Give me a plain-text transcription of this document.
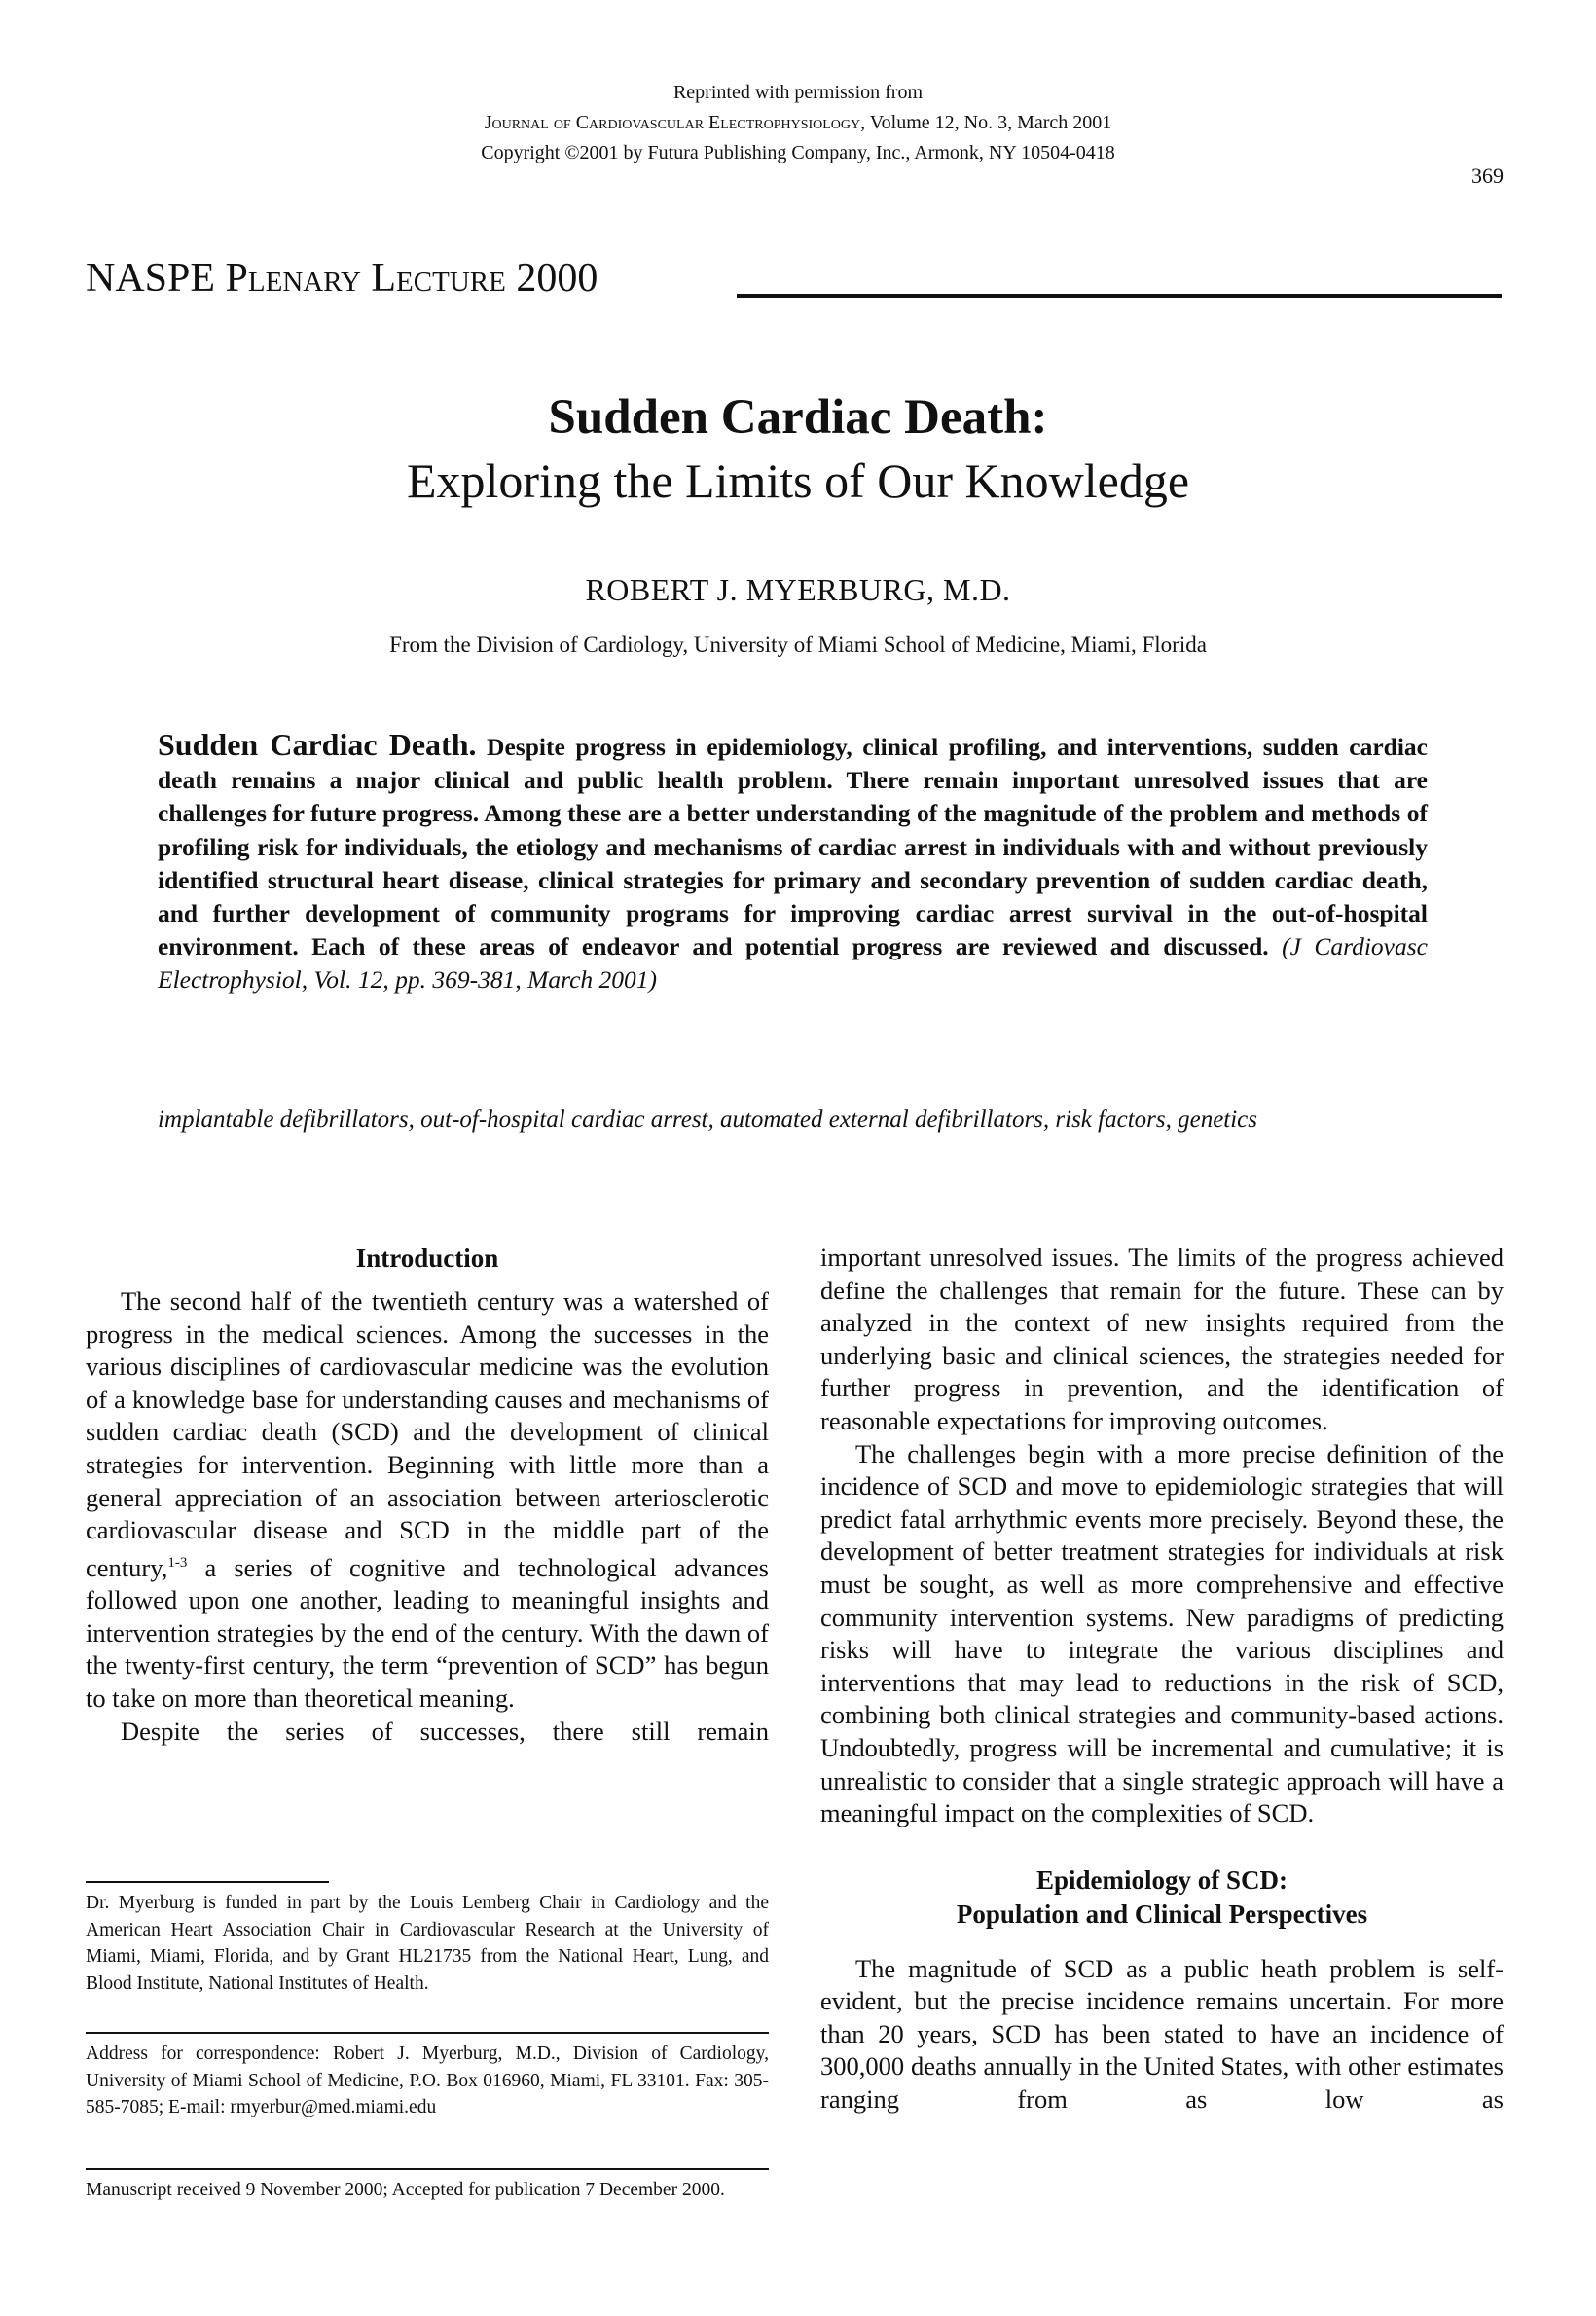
Reprinted with permission from
Journal of Cardiovascular Electrophysiology, Volume 12, No. 3, March 2001
Copyright ©2001 by Futura Publishing Company, Inc., Armonk, NY 10504-0418
369
NASPE Plenary Lecture 2000
Sudden Cardiac Death:
Exploring the Limits of Our Knowledge
ROBERT J. MYERBURG, M.D.
From the Division of Cardiology, University of Miami School of Medicine, Miami, Florida
Sudden Cardiac Death. Despite progress in epidemiology, clinical profiling, and interventions, sudden cardiac death remains a major clinical and public health problem. There remain important unresolved issues that are challenges for future progress. Among these are a better understanding of the magnitude of the problem and methods of profiling risk for individuals, the etiology and mechanisms of cardiac arrest in individuals with and without previously identified structural heart disease, clinical strategies for primary and secondary prevention of sudden cardiac death, and further development of community programs for improving cardiac arrest survival in the out-of-hospital environment. Each of these areas of endeavor and potential progress are reviewed and discussed. (J Cardiovasc Electrophysiol, Vol. 12, pp. 369-381, March 2001)
implantable defibrillators, out-of-hospital cardiac arrest, automated external defibrillators, risk factors, genetics
Introduction

The second half of the twentieth century was a watershed of progress in the medical sciences. Among the successes in the various disciplines of cardiovascular medicine was the evolution of a knowledge base for understanding causes and mechanisms of sudden cardiac death (SCD) and the development of clinical strategies for intervention. Beginning with little more than a general appreciation of an association between arteriosclerotic cardiovascular disease and SCD in the middle part of the century,$^{1-3}$ a series of cognitive and technological advances followed upon one another, leading to meaningful insights and intervention strategies by the end of the century. With the dawn of the twenty-first century, the term “prevention of SCD” has begun to take on more than theoretical meaning.

Despite the series of successes, there still remain

important unresolved issues. The limits of the progress achieved define the challenges that remain for the future. These can by analyzed in the context of new insights required from the underlying basic and clinical sciences, the strategies needed for further progress in prevention, and the identification of reasonable expectations for improving outcomes.

The challenges begin with a more precise definition of the incidence of SCD and move to epidemiologic strategies that will predict fatal arrhythmic events more precisely. Beyond these, the development of better treatment strategies for individuals at risk must be sought, as well as more comprehensive and effective community intervention systems. New paradigms of predicting risks will have to integrate the various disciplines and interventions that may lead to reductions in the risk of SCD, combining both clinical strategies and community-based actions. Undoubtedly, progress will be incremental and cumulative; it is unrealistic to consider that a single strategic approach will have a meaningful impact on the complexities of SCD.

Epidemiology of SCD:
Population and Clinical Perspectives

The magnitude of SCD as a public heath problem is self-evident, but the precise incidence remains uncertain. For more than 20 years, SCD has been stated to have an incidence of 300,000 deaths annually in the United States, with other estimates ranging from as low as

Dr. Myerburg is funded in part by the Louis Lemberg Chair in Cardiology and the American Heart Association Chair in Cardiovascular Research at the University of Miami, Miami, Florida, and by Grant HL21735 from the National Heart, Lung, and Blood Institute, National Institutes of Health.
Address for correspondence: Robert J. Myerburg, M.D., Division of Cardiology, University of Miami School of Medicine, P.O. Box 016960, Miami, FL 33101. Fax: 305-585-7085; E-mail: rmyerbur@med.miami.edu
Manuscript received 9 November 2000; Accepted for publication 7 December 2000.
